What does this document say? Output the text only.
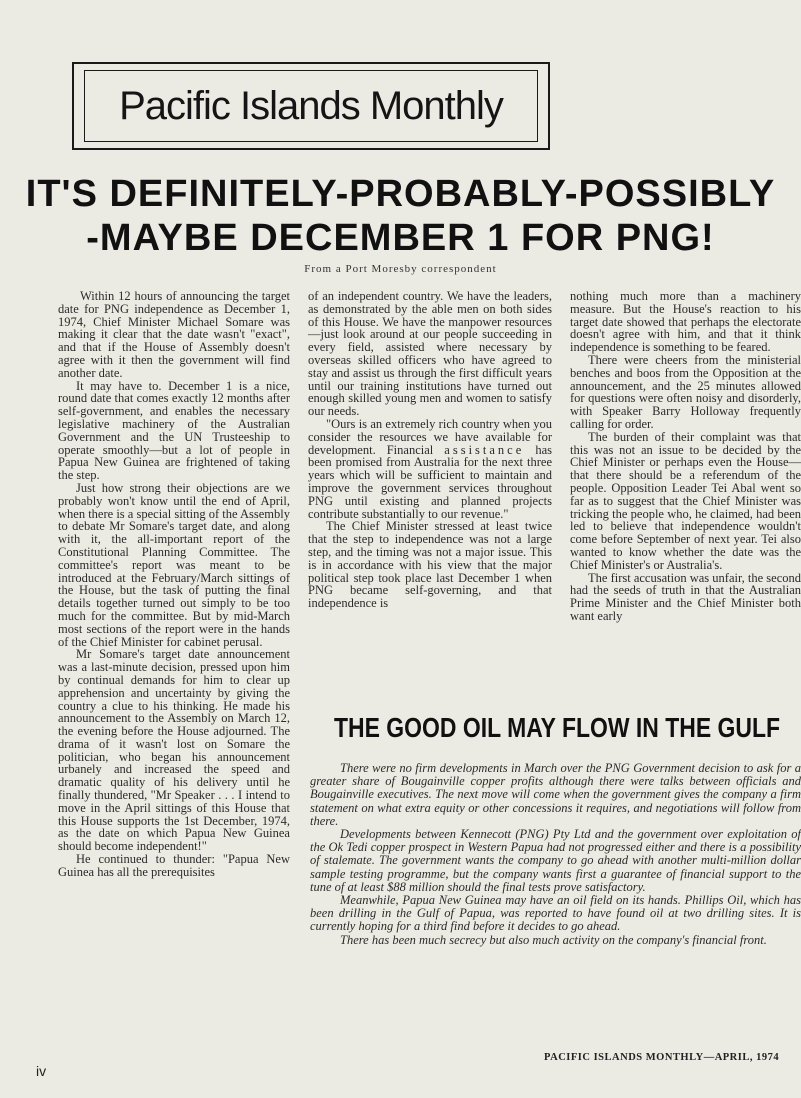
Pacific Islands Monthly
IT'S DEFINITELY-PROBABLY-POSSIBLY
-MAYBE DECEMBER 1 FOR PNG!
From a Port Moresby correspondent

Within 12 hours of announcing the target date for PNG independence as December 1, 1974, Chief Minister Michael Somare was making it clear that the date wasn't "exact", and that if the House of Assembly doesn't agree with it then the government will find another date.

It may have to. December 1 is a nice, round date that comes exactly 12 months after self-government, and enables the necessary legislative machinery of the Australian Government and the UN Trusteeship to operate smoothly—but a lot of people in Papua New Guinea are frightened of taking the step.

Just how strong their objections are we probably won't know until the end of April, when there is a special sitting of the Assembly to debate Mr Somare's target date, and along with it, the all-important report of the Constitutional Planning Committee. The committee's report was meant to be introduced at the February/March sittings of the House, but the task of putting the final details together turned out simply to be too much for the committee. But by mid-March most sections of the report were in the hands of the Chief Minister for cabinet perusal.

Mr Somare's target date announcement was a last-minute decision, pressed upon him by continual demands for him to clear up apprehension and uncertainty by giving the country a clue to his thinking. He made his announcement to the Assembly on March 12, the evening before the House adjourned. The drama of it wasn't lost on Somare the politician, who began his announcement urbanely and increased the speed and dramatic quality of his delivery until he finally thundered, "Mr Speaker . . . I intend to move in the April sittings of this House that this House supports the 1st December, 1974, as the date on which Papua New Guinea should become independent!"

He continued to thunder: "Papua New Guinea has all the prerequisites

of an independent country. We have the leaders, as demonstrated by the able men on both sides of this House. We have the manpower resources—just look around at our people succeeding in every field, assisted where necessary by overseas skilled officers who have agreed to stay and assist us through the first difficult years until our training institutions have turned out enough skilled young men and women to satisfy our needs.

"Ours is an extremely rich country when you consider the resources we have available for development. Financial assistance has been promised from Australia for the next three years which will be sufficient to maintain and improve the government services throughout PNG until existing and planned projects contribute substantially to our revenue."

The Chief Minister stressed at least twice that the step to independence was not a large step, and the timing was not a major issue. This is in accordance with his view that the major political step took place last December 1 when PNG became self-governing, and that independence is

nothing much more than a machinery measure. But the House's reaction to his target date showed that perhaps the electorate doesn't agree with him, and that it think independence is something to be feared.

There were cheers from the ministerial benches and boos from the Opposition at the announcement, and the 25 minutes allowed for questions were often noisy and disorderly, with Speaker Barry Holloway frequently calling for order.

The burden of their complaint was that this was not an issue to be decided by the Chief Minister or perhaps even the House—that there should be a referendum of the people. Opposition Leader Tei Abal went so far as to suggest that the Chief Minister was tricking the people who, he claimed, had been led to believe that independence wouldn't come before September of next year. Tei also wanted to know whether the date was the Chief Minister's or Australia's.

The first accusation was unfair, the second had the seeds of truth in that the Australian Prime Minister and the Chief Minister both want early

THE GOOD OIL MAY FLOW IN THE GULF

There were no firm developments in March over the PNG Government decision to ask for a greater share of Bougainville copper profits although there were talks between officials and Bougainville executives. The next move will come when the government gives the company a firm statement on what extra equity or other concessions it requires, and negotiations will follow from there.

Developments between Kennecott (PNG) Pty Ltd and the government over exploitation of the Ok Tedi copper prospect in Western Papua had not progressed either and there is a possibility of stalemate. The government wants the company to go ahead with another multi-million dollar sample testing programme, but the company wants first a guarantee of financial support to the tune of at least $88 million should the final tests prove satisfactory.

Meanwhile, Papua New Guinea may have an oil field on its hands. Phillips Oil, which has been drilling in the Gulf of Papua, was reported to have found oil at two drilling sites. It is currently hoping for a third find before it decides to go ahead.

There has been much secrecy but also much activity on the company's financial front.

iv
PACIFIC ISLANDS MONTHLY—APRIL, 1974
